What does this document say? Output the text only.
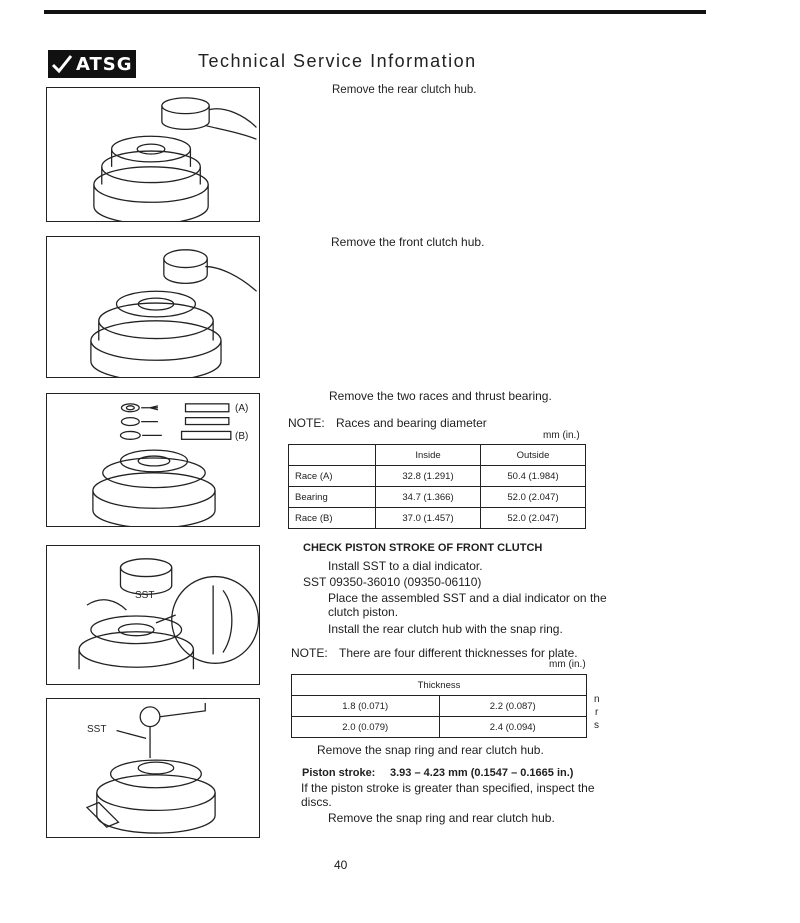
ATSG	Technical Service Information
Remove the rear clutch hub.
Remove the front clutch hub.
(A)
(B)
Remove the two races and thrust bearing.
NOTE: Races and bearing diameter
mm (in.)
	Inside	Outside
Race (A)	32.8 (1.291)	50.4 (1.984)
Bearing	34.7 (1.366)	52.0 (2.047)
Race (B)	37.0 (1.457)	52.0 (2.047)
SST
CHECK PISTON STROKE OF FRONT CLUTCH
Install SST to a dial indicator.
SST 09350-36010 (09350-06110)
Place the assembled SST and a dial indicator on the
clutch piston.
Install the rear clutch hub with the snap ring.
NOTE: There are four different thicknesses for plate.
mm (in.)
Thickness	
1.8 (0.071)	2.2 (0.087)
2.0 (0.079)	2.4 (0.094)
n
r
s
SST
Remove the snap ring and rear clutch hub.
Piston stroke: 3.93 – 4.23 mm (0.1547 – 0.1665 in.)
If the piston stroke is greater than specified, inspect the
discs.
Remove the snap ring and rear clutch hub.
40
